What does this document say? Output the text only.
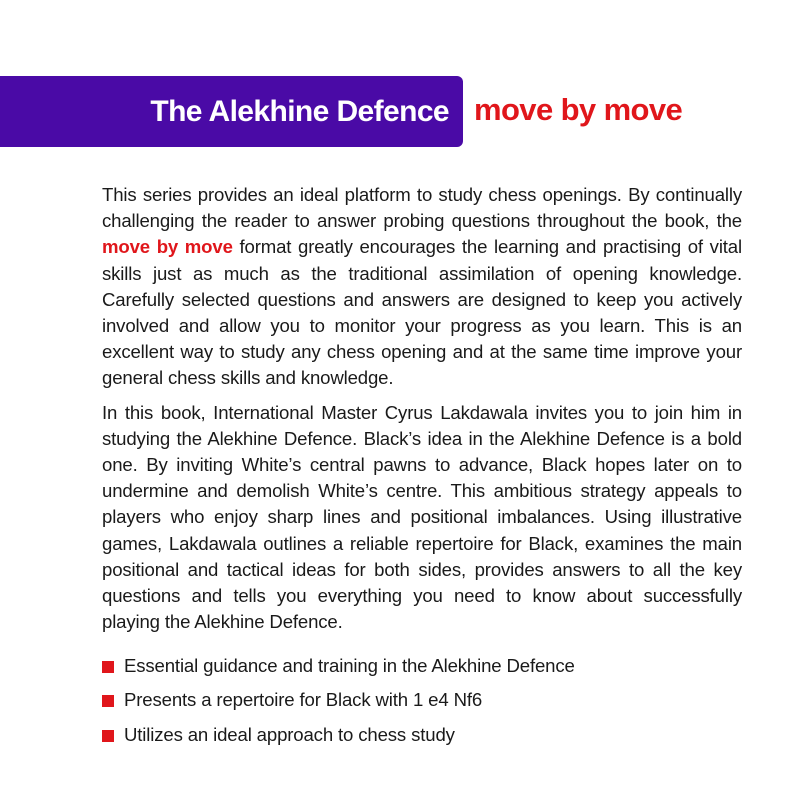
The Alekhine Defence move by move

This series provides an ideal platform to study chess openings. By continually challenging the reader to answer probing questions throughout the book, the move by move format greatly encourages the learning and practising of vital skills just as much as the traditional assimilation of opening knowledge. Carefully selected questions and answers are designed to keep you actively involved and allow you to monitor your progress as you learn. This is an excellent way to study any chess opening and at the same time improve your general chess skills and knowledge.

In this book, International Master Cyrus Lakdawala invites you to join him in studying the Alekhine Defence. Black’s idea in the Alekhine Defence is a bold one. By inviting White’s central pawns to advance, Black hopes later on to undermine and demolish White’s centre. This ambitious strategy appeals to players who enjoy sharp lines and positional imbalances. Using illustrative games, Lakdawala outlines a reliable repertoire for Black, examines the main positional and tactical ideas for both sides, provides answers to all the key questions and tells you everything you need to know about successfully playing the Alekhine Defence.

Essential guidance and training in the Alekhine Defence
Presents a repertoire for Black with 1 e4 Nf6
Utilizes an ideal approach to chess study
